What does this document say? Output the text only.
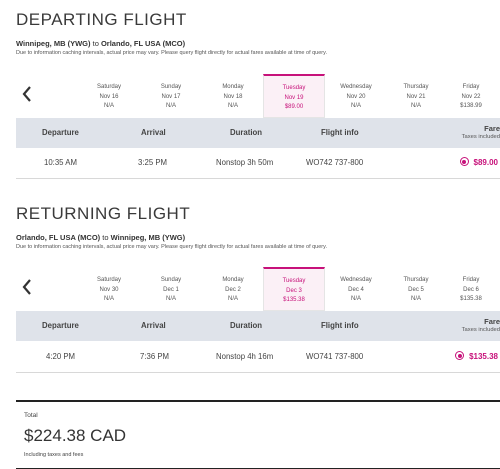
DEPARTING FLIGHT
Winnipeg, MB (YWG) to Orlando, FL USA (MCO)
Due to information caching intervals, actual price may vary. Please query flight directly for actual fares available at time of query.
Saturday
Nov 16
N/A
Sunday
Nov 17
N/A
Monday
Nov 18
N/A
Tuesday
Nov 19
$89.00
Wednesday
Nov 20
N/A
Thursday
Nov 21
N/A
Friday
Nov 22
$138.99
Departure	Arrival	Duration	Flight info	Fare
Taxes included
10:35 AM	3:25 PM	Nonstop 3h 50m	WO742 737-800	$89.00
RETURNING FLIGHT
Orlando, FL USA (MCO) to Winnipeg, MB (YWG)
Due to information caching intervals, actual price may vary. Please query flight directly for actual fares available at time of query.
Saturday
Nov 30
N/A
Sunday
Dec 1
N/A
Monday
Dec 2
N/A
Tuesday
Dec 3
$135.38
Wednesday
Dec 4
N/A
Thursday
Dec 5
N/A
Friday
Dec 6
$135.38
Departure	Arrival	Duration	Flight info	Fare
Taxes included
4:20 PM	7:36 PM	Nonstop 4h 16m	WO741 737-800	$135.38
Total
$224.38 CAD
Including taxes and fees
